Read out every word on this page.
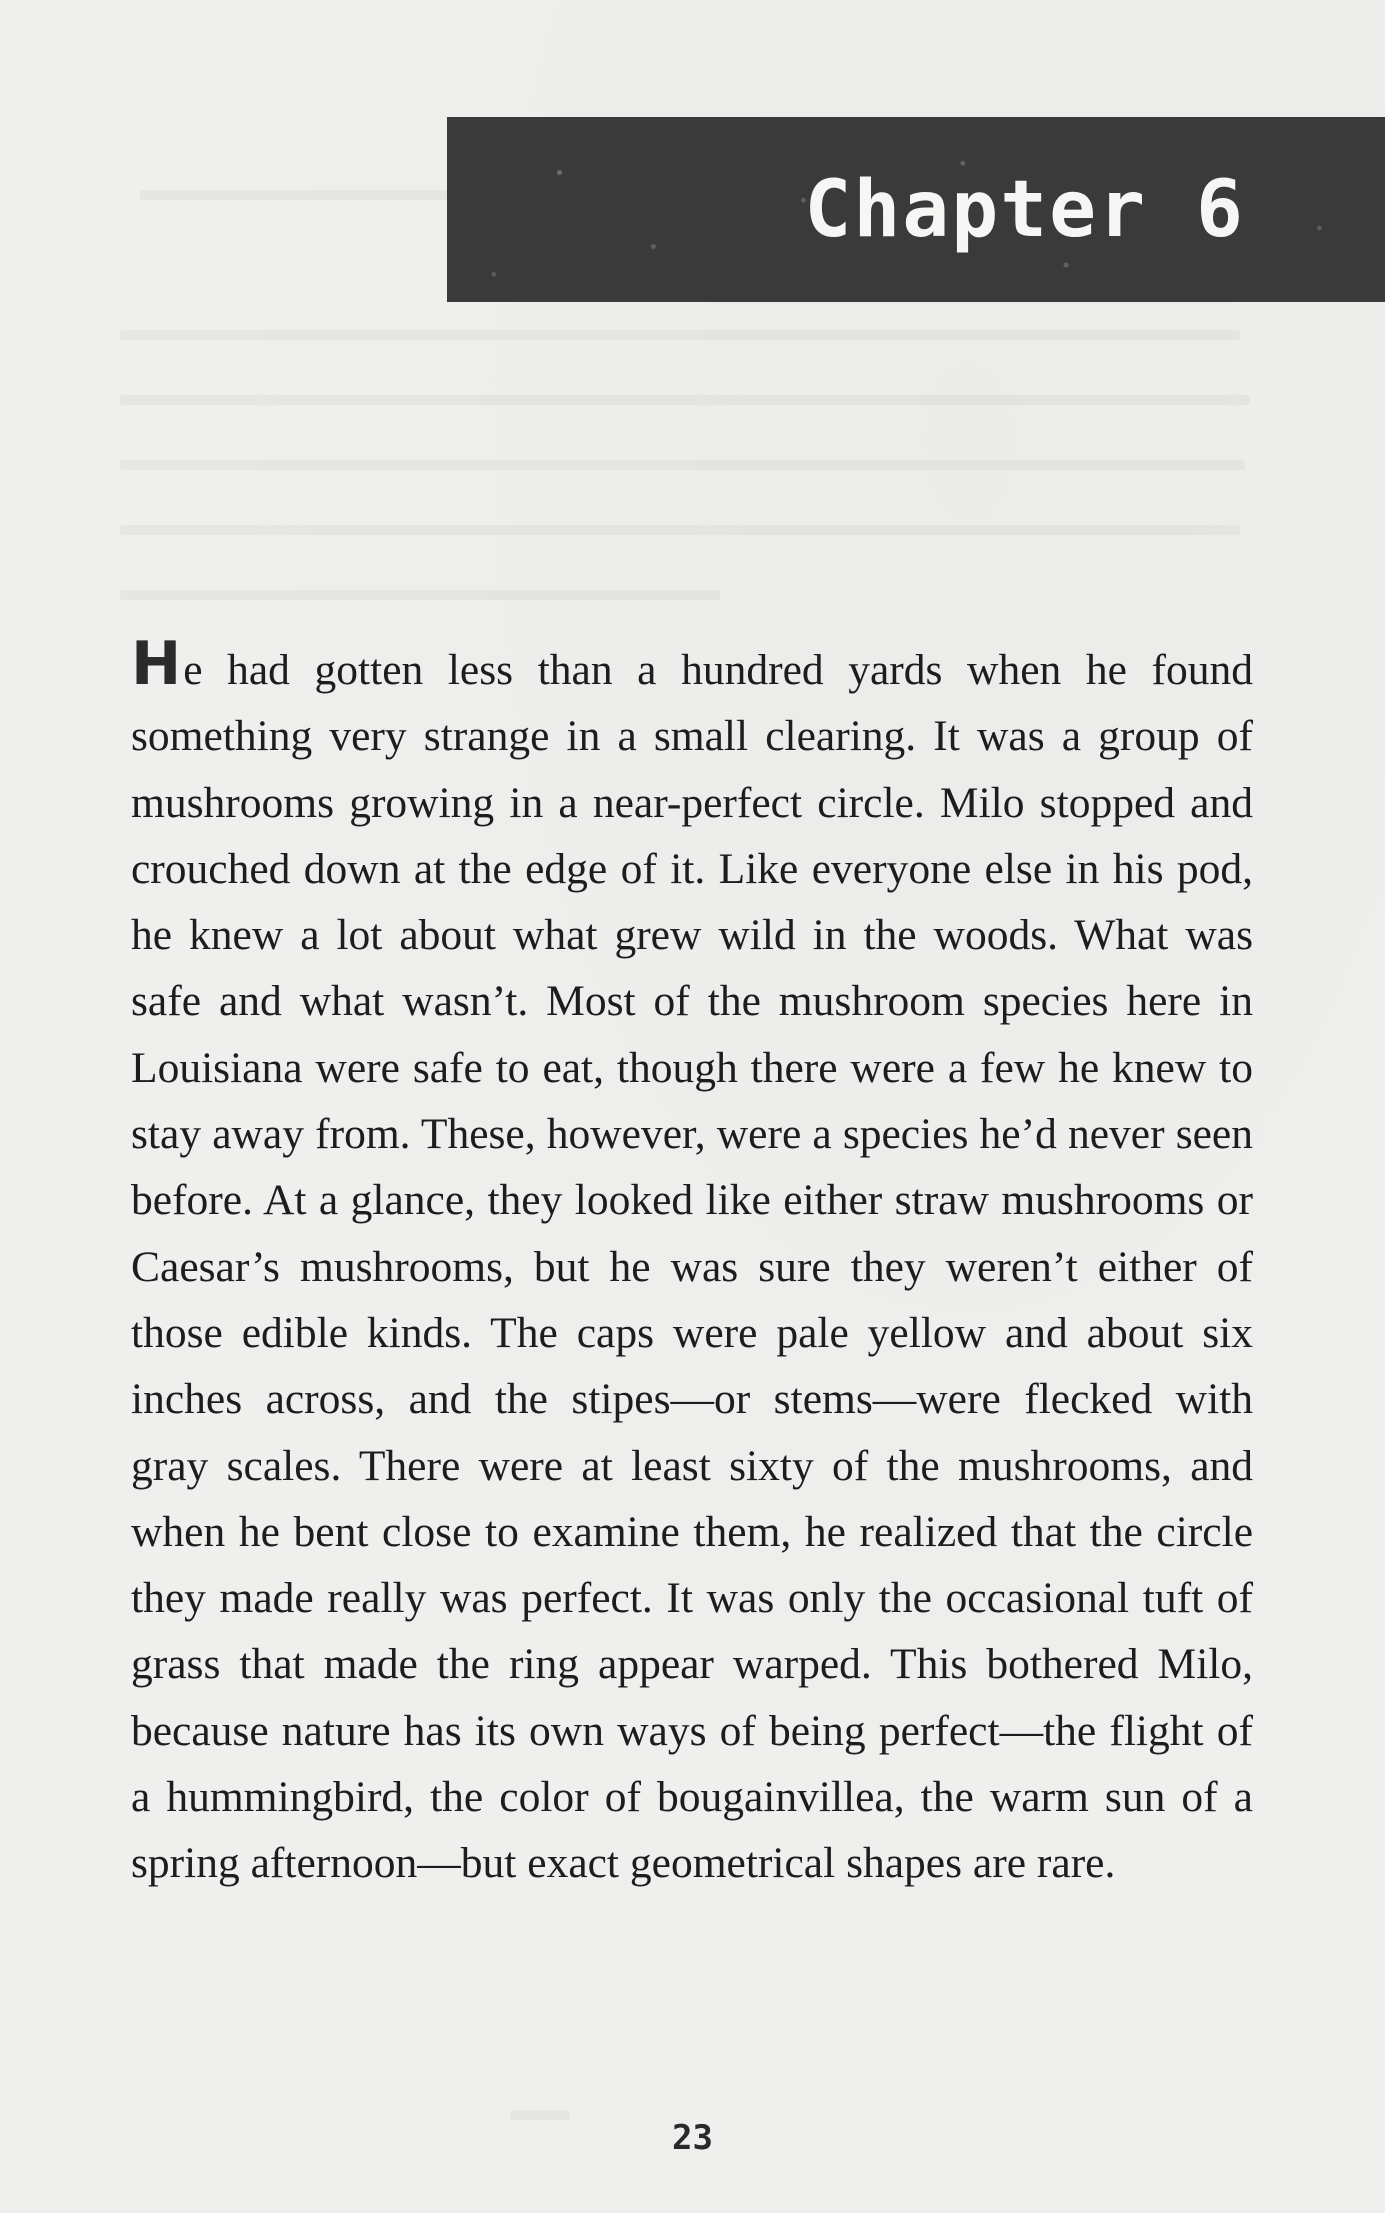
Chapter 6

He had gotten less than a hundred yards when he found something very strange in a small clearing. It was a group of mushrooms growing in a near-perfect circle. Milo stopped and crouched down at the edge of it. Like everyone else in his pod, he knew a lot about what grew wild in the woods. What was safe and what wasn’t. Most of the mushroom species here in Louisiana were safe to eat, though there were a few he knew to stay away from. These, however, were a species he’d never seen before. At a glance, they looked like either straw mushrooms or Caesar’s mushrooms, but he was sure they weren’t either of those edible kinds. The caps were pale yellow and about six inches across, and the stipes—or stems—were flecked with gray scales. There were at least sixty of the mushrooms, and when he bent close to examine them, he realized that the circle they made really was perfect. It was only the occasional tuft of grass that made the ring appear warped. This bothered Milo, because nature has its own ways of being perfect—the flight of a hummingbird, the color of bougainvillea, the warm sun of a spring afternoon—but exact geometrical shapes are rare.

23
